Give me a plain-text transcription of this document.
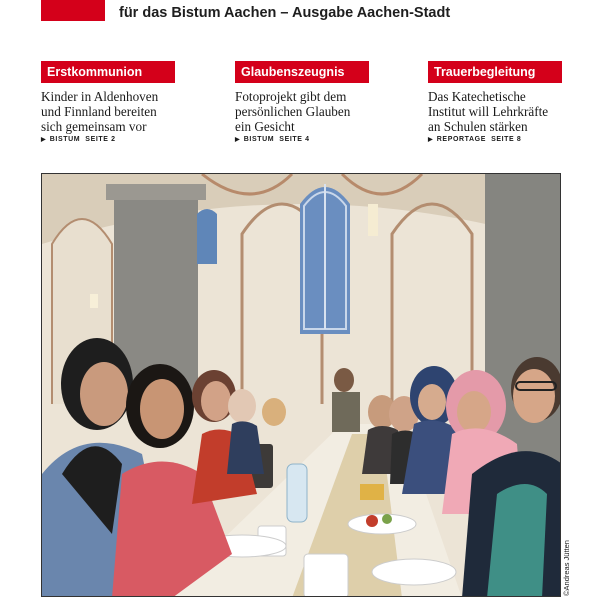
für das Bistum Aachen – Ausgabe Aachen-Stadt
Erstkommunion
Kinder in Aldenhoven
und Finnland bereiten
sich gemeinsam vor
▶ BISTUM SEITE 2
Glaubenszeugnis
Fotoprojekt gibt dem
persönlichen Glauben
ein Gesicht
▶ BISTUM SEITE 4
Trauerbegleitung
Das Katechetische
Institut will Lehrkräfte
an Schulen stärken
▶ REPORTAGE SEITE 8
©Andreas Jütten
